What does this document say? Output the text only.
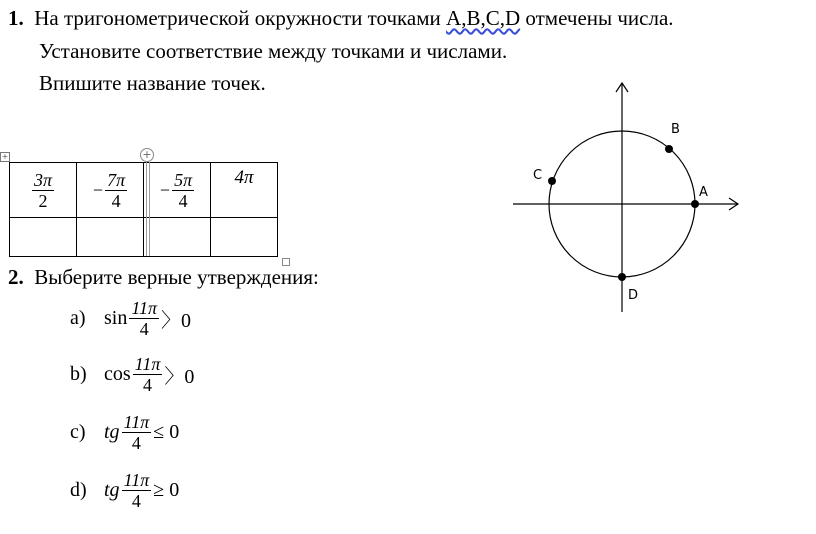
1. На тригонометрической окружности точками A,B,C,D отмечены числа.
Установите соответствие между точками и числами.
Впишите название точек.
+	+
$\frac{3\pi}{2}$	− $\frac{7\pi}{4}$	− $\frac{5\pi}{4}$	4π

A
B
C
D
2. Выберите верные утверждения:
a) $\sin \frac{11\pi}{4}$ 〉0
b) $\cos \frac{11\pi}{4}$ 〉0
c) tg $\frac{11\pi}{4} \le 0$
d) tg $\frac{11\pi}{4} \ge 0$
